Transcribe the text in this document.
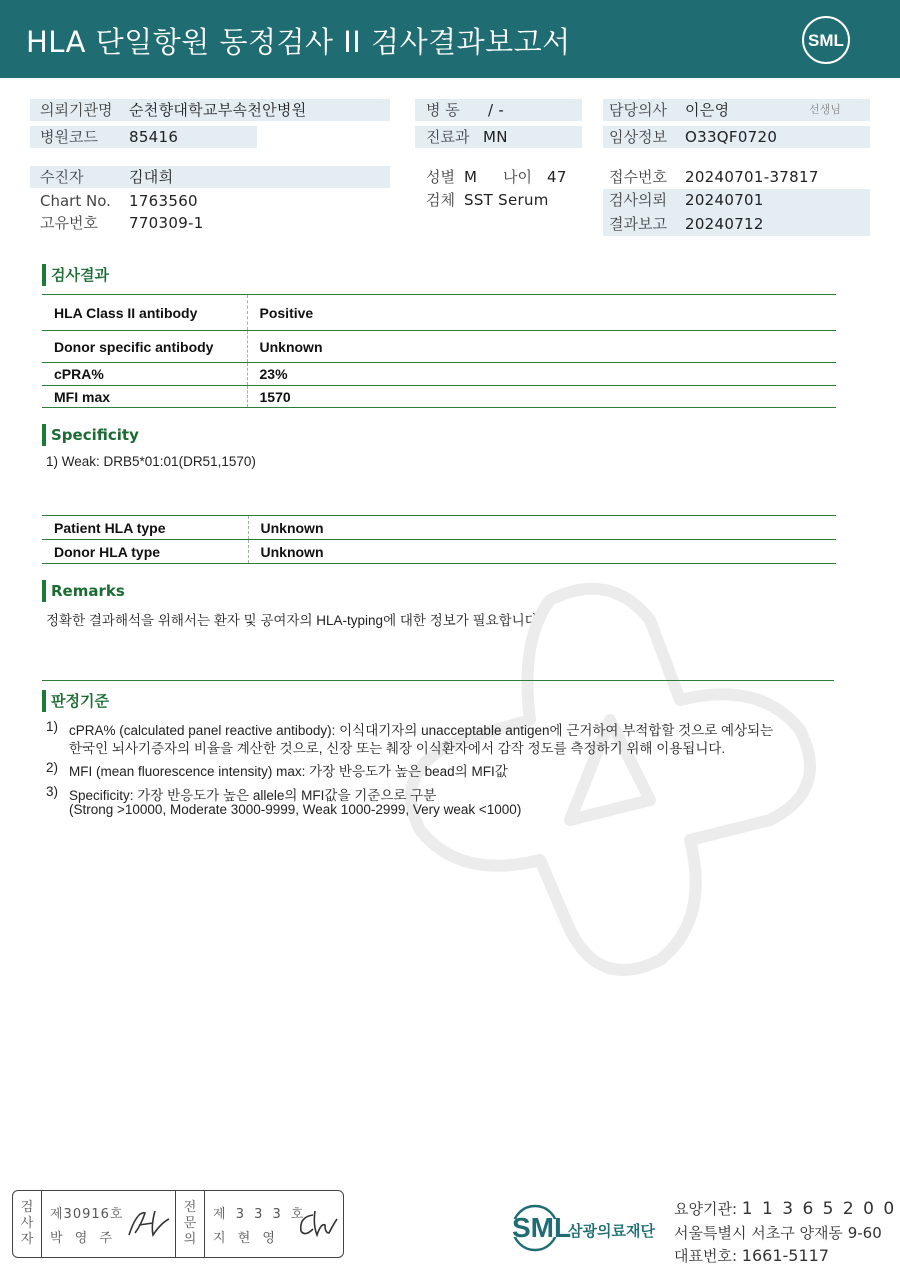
HLA 단일항원 동정검사 II 검사결과보고서	SML
의뢰기관명 순천향대학교부속천안병원
병원코드 85416
수진자	김대희
Chart No. 1763560
고유번호 770309-1
병 동 / -
진료과 MN
성별 M 나이 47
검체 SST Serum
담당의사 이은영	선생님
임상정보 O33QF0720
접수번호 20240701-37817
검사의뢰 20240701
결과보고 20240712
검사결과
HLA Class II antibody	Positive
Donor specific antibody	Unknown
cPRA%	23%
MFI max	1570
Specificity
1) Weak: DRB5*01:01(DR51,1570)
Patient HLA type	Unknown
Donor HLA type	Unknown
Remarks
정확한 결과해석을 위해서는 환자 및 공여자의 HLA-typing에 대한 정보가 필요합니다.
판정기준
1) cPRA% (calculated panel reactive antibody): 이식대기자의 unacceptable antigen에 근거하여 부적합할 것으로 예상되는
한국인 뇌사기증자의 비율을 계산한 것으로, 신장 또는 췌장 이식환자에서 감작 정도를 측정하기 위해 이용됩니다.
2) MFI (mean fluorescence intensity) max: 가장 반응도가 높은 bead의 MFI값
3) Specificity: 가장 반응도가 높은 allele의 MFI값을 기준으로 구분
(Strong >10000, Moderate 3000-9999, Weak 1000-2999, Very weak <1000)
검
사
자
제30916호
박 영 주
전
문
의
제 3 3 3 호
지 현 영	SML
삼광의료재단
요양기관: 1 1 3 6 5 2 0 0
서울특별시 서초구 양재동 9-60
대표번호: 1661-5117
